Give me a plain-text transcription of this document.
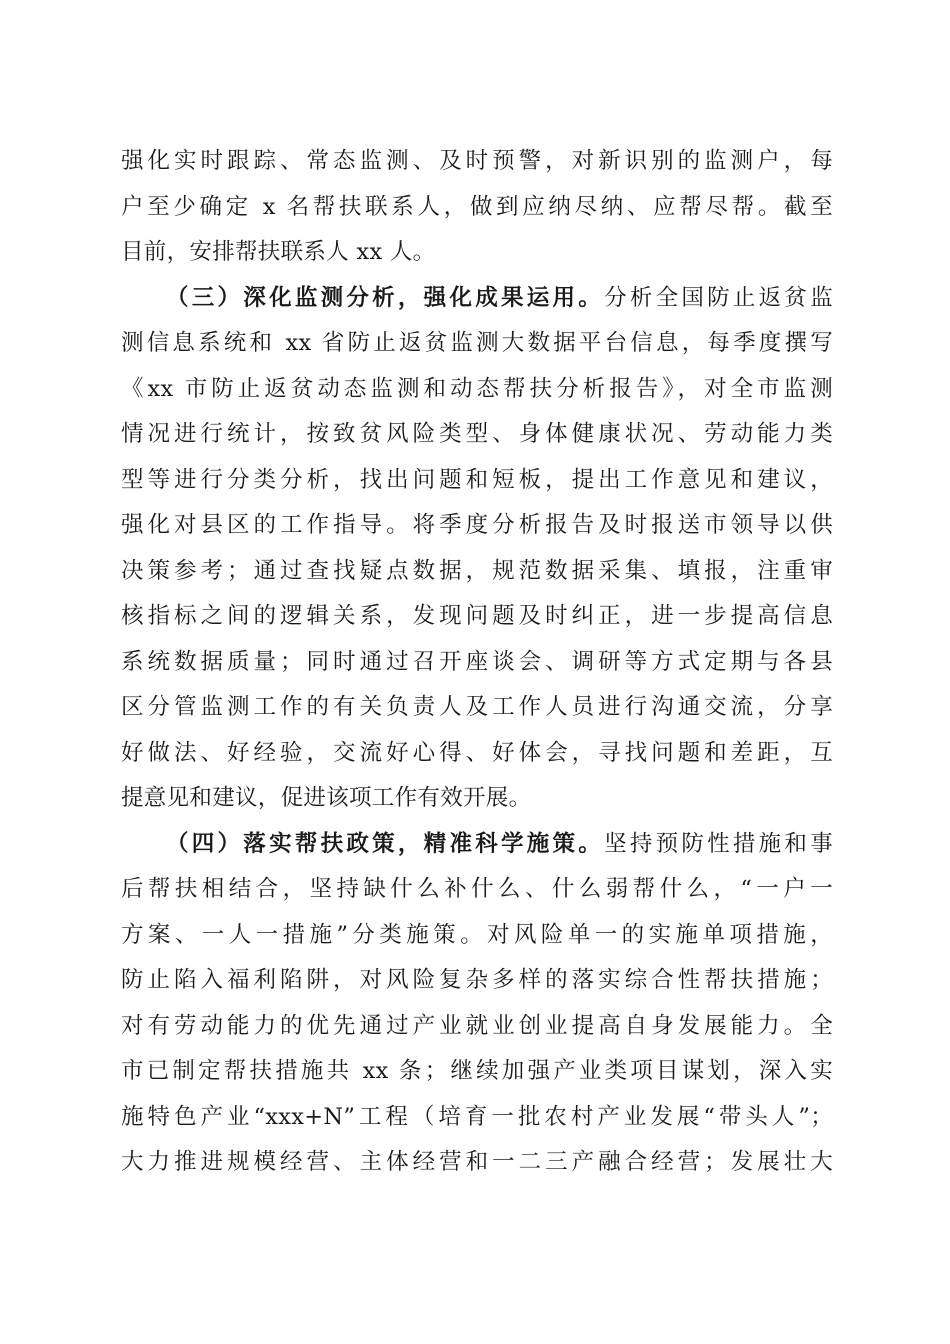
强化实时跟踪、常态监测、及时预警，对新识别的监测户，每
户至少确定 x 名帮扶联系人，做到应纳尽纳、应帮尽帮。截至
目前，安排帮扶联系人 xx 人。
（三）深化监测分析，强化成果运用。分析全国防止返贫监
测信息系统和 xx 省防止返贫监测大数据平台信息，每季度撰写
《xx 市防止返贫动态监测和动态帮扶分析报告》，对全市监测
情况进行统计，按致贫风险类型、身体健康状况、劳动能力类
型等进行分类分析，找出问题和短板，提出工作意见和建议，
强化对县区的工作指导。将季度分析报告及时报送市领导以供
决策参考；通过查找疑点数据，规范数据采集、填报，注重审
核指标之间的逻辑关系，发现问题及时纠正，进一步提高信息
系统数据质量；同时通过召开座谈会、调研等方式定期与各县
区分管监测工作的有关负责人及工作人员进行沟通交流，分享
好做法、好经验，交流好心得、好体会，寻找问题和差距，互
提意见和建议，促进该项工作有效开展。
（四）落实帮扶政策，精准科学施策。坚持预防性措施和事
后帮扶相结合，坚持缺什么补什么、什么弱帮什么，“一户一
方案、一人一措施”分类施策。对风险单一的实施单项措施，
防止陷入福利陷阱，对风险复杂多样的落实综合性帮扶措施；
对有劳动能力的优先通过产业就业创业提高自身发展能力。全
市已制定帮扶措施共 xx 条；继续加强产业类项目谋划，深入实
施特色产业“xxx+N”工程（培育一批农村产业发展“带头人”；
大力推进规模经营、主体经营和一二三产融合经营；发展壮大
